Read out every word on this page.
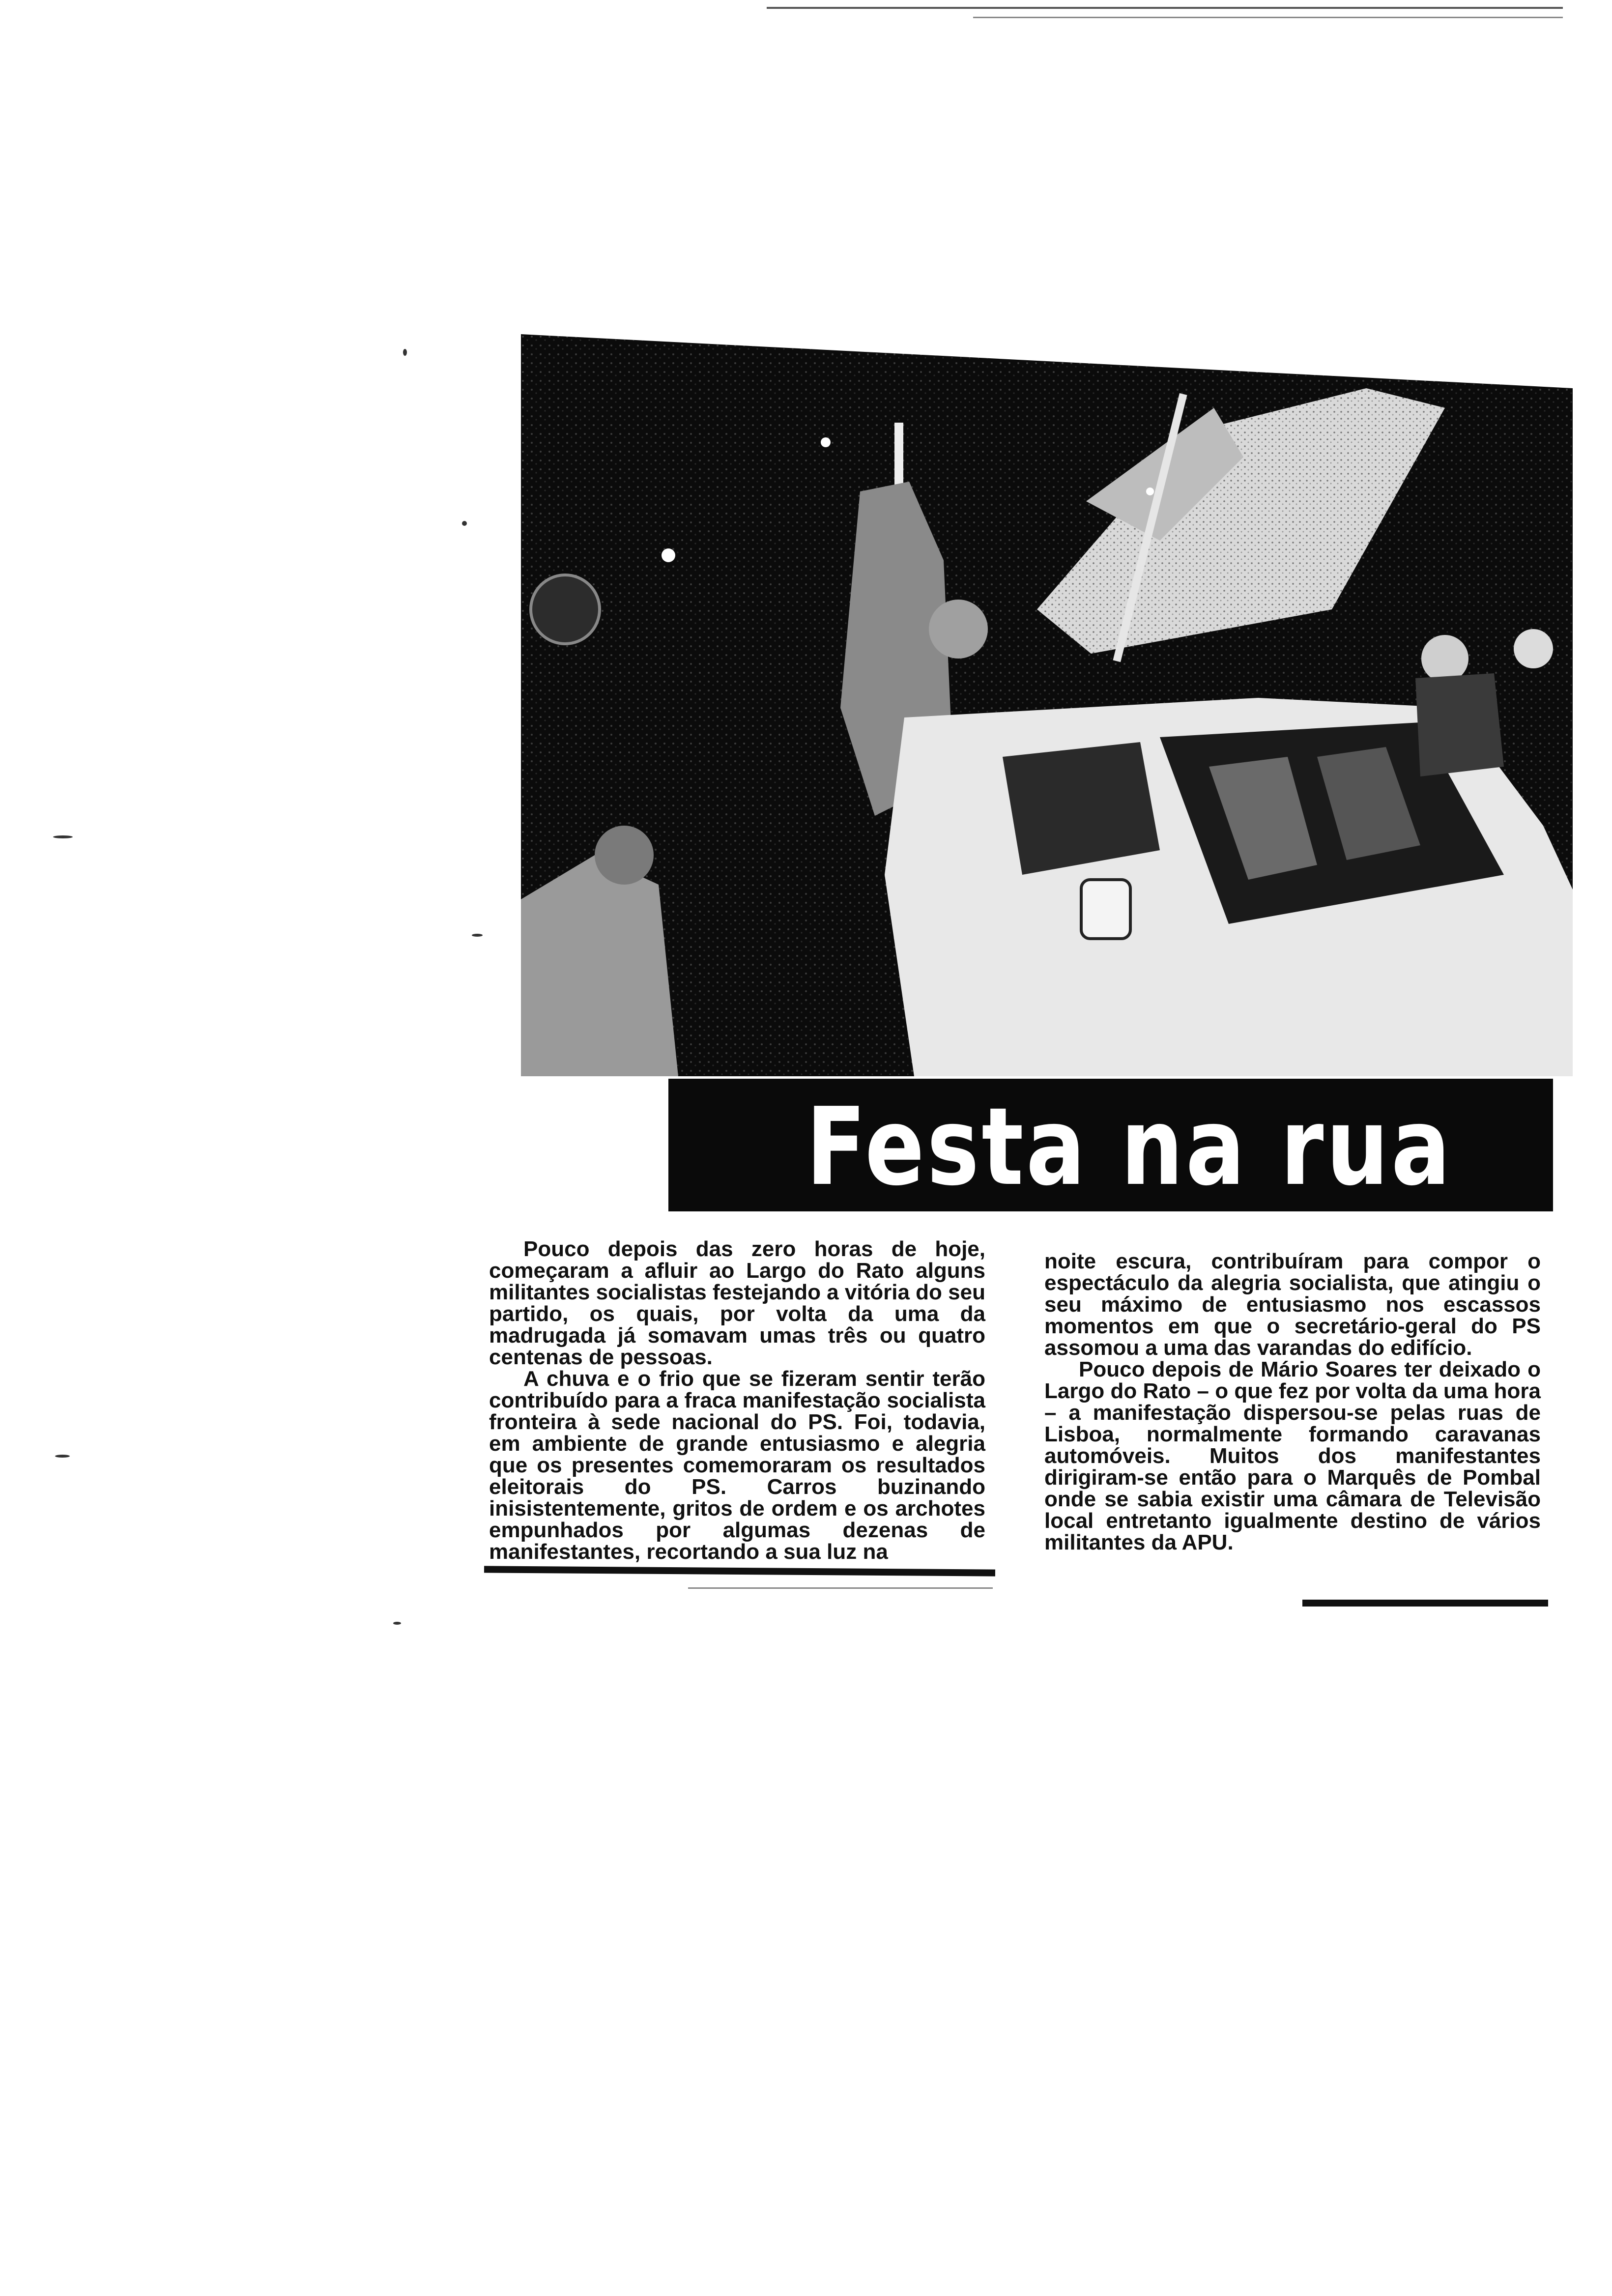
Festa na rua

Pouco depois das zero horas de hoje, começaram a afluir ao Largo do Rato alguns militantes socialistas festejando a vitória do seu partido, os quais, por volta da uma da madrugada já somavam umas três ou quatro centenas de pessoas.

A chuva e o frio que se fizeram sentir terão contribuído para a fraca manifestação socialista fronteira à sede nacional do PS. Foi, todavia, em ambiente de grande entusiasmo e alegria que os presentes comemoraram os resultados eleitorais do PS. Carros buzinando inisistentemente, gritos de ordem e os archotes empunhados por algumas dezenas de manifestantes, recortando a sua luz na

noite escura, contribuíram para compor o espectáculo da alegria socialista, que atingiu o seu máximo de entusiasmo nos escassos momentos em que o secretário-geral do PS assomou a uma das varandas do edifício.

Pouco depois de Mário Soares ter deixado o Largo do Rato – o que fez por volta da uma hora – a manifestação dispersou-se pelas ruas de Lisboa, normalmente formando caravanas automóveis. Muitos dos manifestantes dirigiram-se então para o Marquês de Pombal onde se sabia existir uma câmara de Televisão local entretanto igualmente destino de vários militantes da APU.
